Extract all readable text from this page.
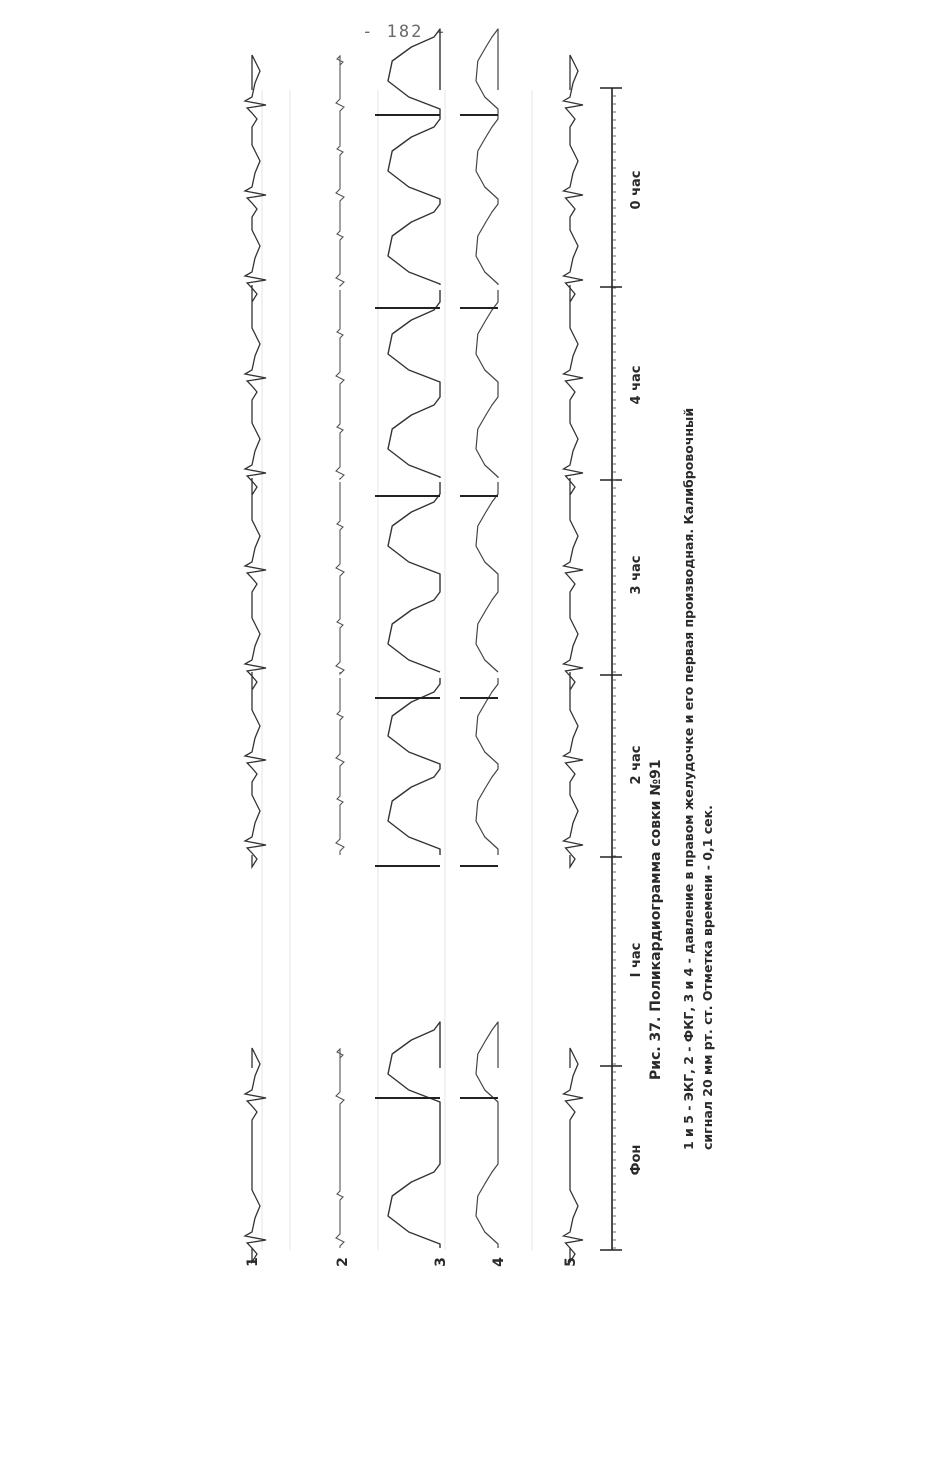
- 182 -
1	2	3	4	5
Фон
I час
2 час
3 час
4 час
0 час
Рис. 37. Поликардиограмма совки №91 1 и 5 - ЭКГ, 2 - ФКГ, 3 и 4 - давление в правом желудочке и его первая производная. Калибровочный сигнал 20 мм рт. ст. Отметка времени - 0,1 сек.
